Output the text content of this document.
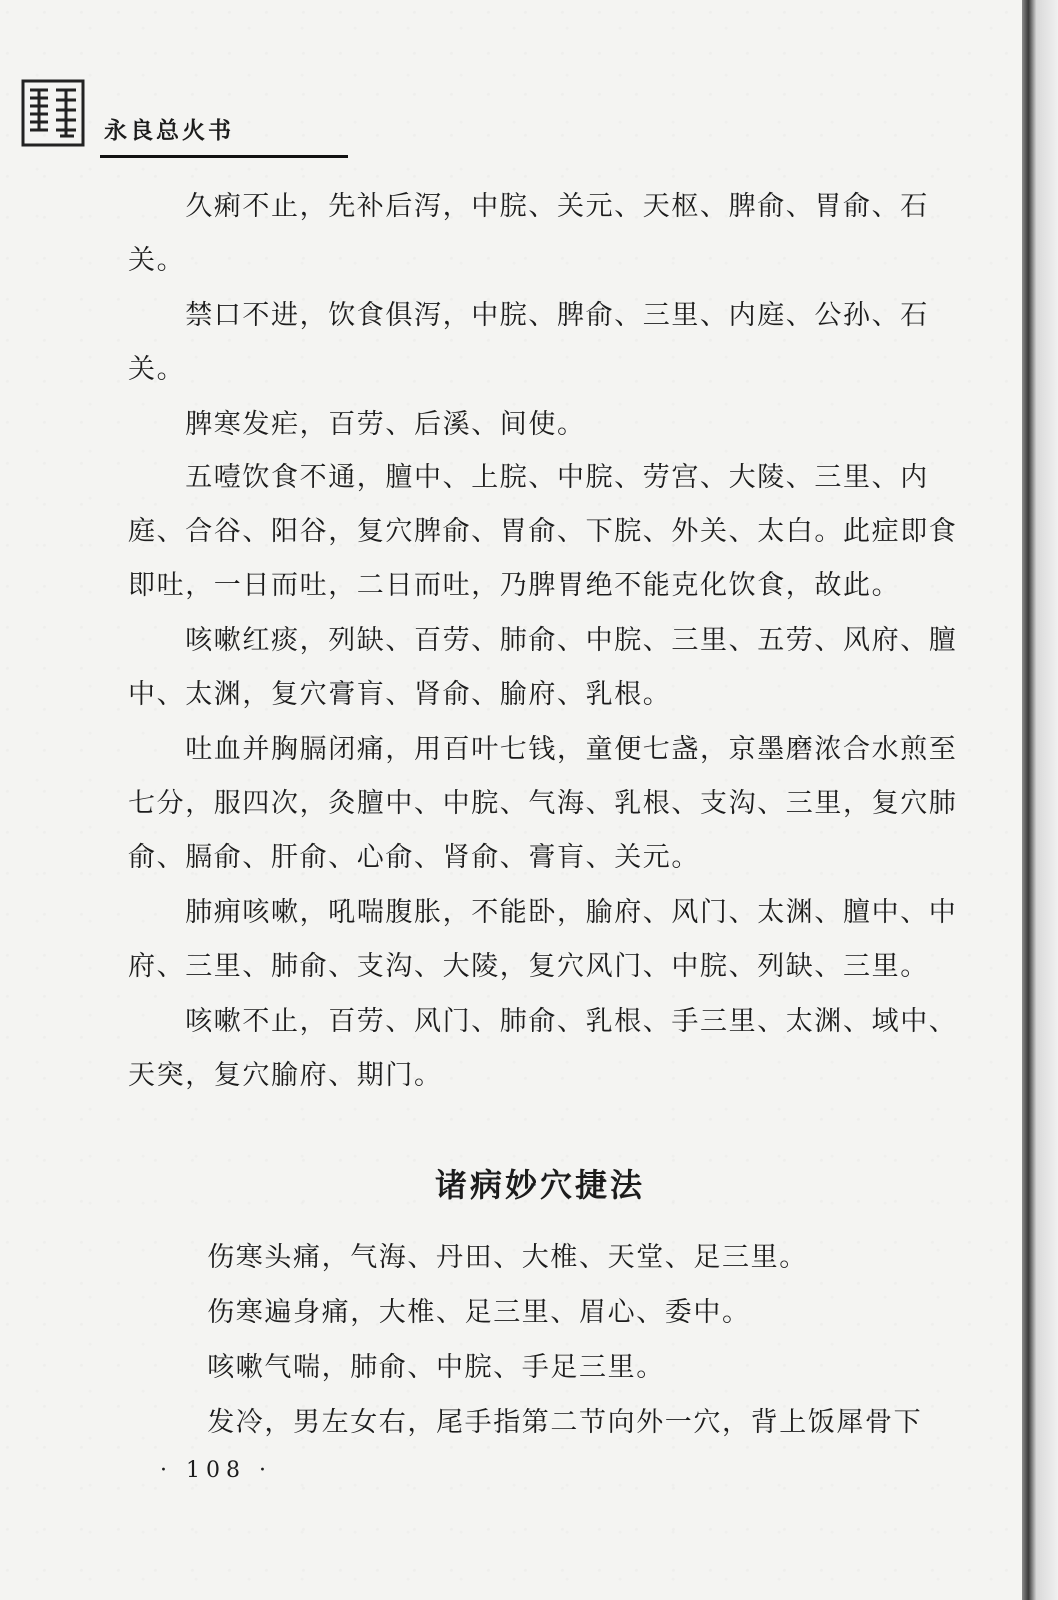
永良总火书

　　久痢不止，先补后泻，中脘、关元、天枢、脾俞、胃俞、石关。

　　禁口不进，饮食俱泻，中脘、脾俞、三里、内庭、公孙、石关。

　　脾寒发疟，百劳、后溪、间使。

　　五噎饮食不通，膻中、上脘、中脘、劳宫、大陵、三里、内庭、合谷、阳谷，复穴脾俞、胃俞、下脘、外关、太白。此症即食即吐，一日而吐，二日而吐，乃脾胃绝不能克化饮食，故此。

　　咳嗽红痰，列缺、百劳、肺俞、中脘、三里、五劳、风府、膻中、太渊，复穴膏肓、肾俞、腧府、乳根。

　　吐血并胸膈闭痛，用百叶七钱，童便七盏，京墨磨浓合水煎至七分，服四次，灸膻中、中脘、气海、乳根、支沟、三里，复穴肺俞、膈俞、肝俞、心俞、肾俞、膏肓、关元。

　　肺痈咳嗽，吼喘腹胀，不能卧，腧府、风门、太渊、膻中、中府、三里、肺俞、支沟、大陵，复穴风门、中脘、列缺、三里。

　　咳嗽不止，百劳、风门、肺俞、乳根、手三里、太渊、域中、天突，复穴腧府、期门。

诸病妙穴捷法

　　伤寒头痛，气海、丹田、大椎、天堂、足三里。

　　伤寒遍身痛，大椎、足三里、眉心、委中。

　　咳嗽气喘，肺俞、中脘、手足三里。

　　发冷，男左女右，尾手指第二节向外一穴，背上饭犀骨下

· 108 ·
